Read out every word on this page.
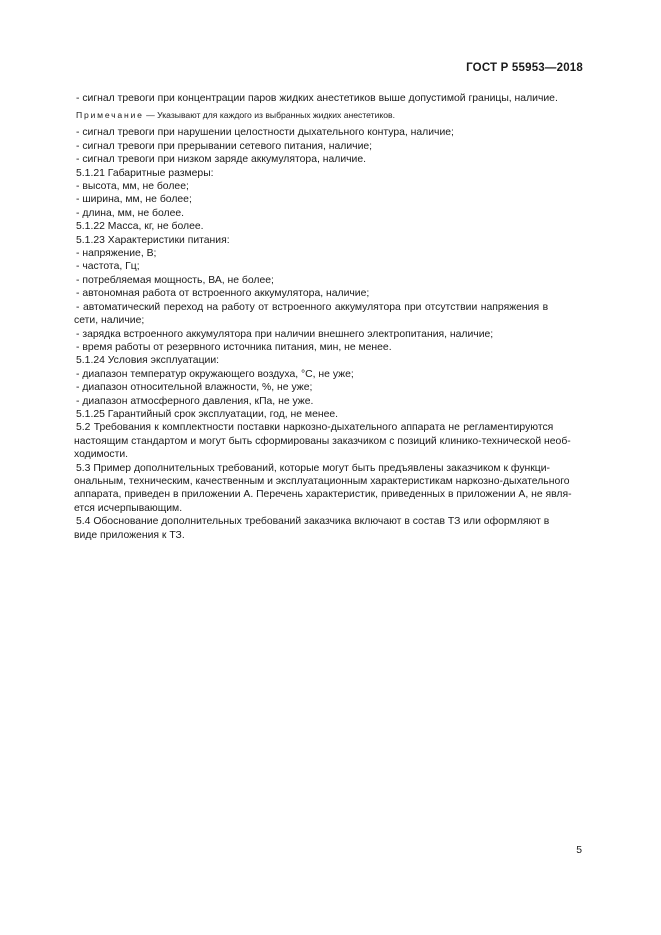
ГОСТ Р 55953—2018
- сигнал тревоги при концентрации паров жидких анестетиков выше допустимой границы, наличие.
Примечание — Указывают для каждого из выбранных жидких анестетиков.
- сигнал тревоги при нарушении целостности дыхательного контура, наличие;
- сигнал тревоги при прерывании сетевого питания, наличие;
- сигнал тревоги при низком заряде аккумулятора, наличие.
5.1.21 Габаритные размеры:
- высота, мм, не более;
- ширина, мм, не более;
- длина, мм, не более.
5.1.22 Масса, кг, не более.
5.1.23 Характеристики питания:
- напряжение, В;
- частота, Гц;
- потребляемая мощность, ВА, не более;
- автономная работа от встроенного аккумулятора, наличие;
- автоматический переход на работу от встроенного аккумулятора при отсутствии напряжения в
сети, наличие;
- зарядка встроенного аккумулятора при наличии внешнего электропитания, наличие;
- время работы от резервного источника питания, мин, не менее.
5.1.24 Условия эксплуатации:
- диапазон температур окружающего воздуха, °С, не уже;
- диапазон относительной влажности, %, не уже;
- диапазон атмосферного давления, кПа, не уже.
5.1.25 Гарантийный срок эксплуатации, год, не менее.
5.2 Требования к комплектности поставки наркозно-дыхательного аппарата не регламентируются
настоящим стандартом и могут быть сформированы заказчиком с позиций клинико-технической необ-
ходимости.
5.3 Пример дополнительных требований, которые могут быть предъявлены заказчиком к функци-
ональным, техническим, качественным и эксплуатационным характеристикам наркозно-дыхательного
аппарата, приведен в приложении А. Перечень характеристик, приведенных в приложении А, не явля-
ется исчерпывающим.
5.4 Обоснование дополнительных требований заказчика включают в состав ТЗ или оформляют в
виде приложения к ТЗ.
5
